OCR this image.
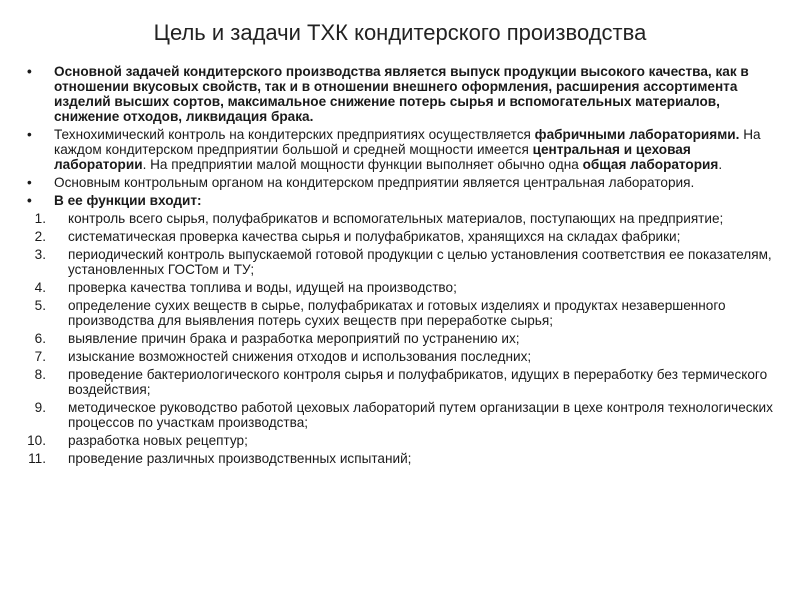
Цель и задачи ТХК кондитерского производства
• Основной задачей кондитерского производства является выпуск продукции высокого качества, как в отношении вкусовых свойств, так и в отношении внешнего оформления, расширения ассортимента изделий высших сортов, максимальное снижение потерь сырья и вспомогательных материалов, снижение отходов, ликвидация брака.
• Технохимический контроль на кондитерских предприятиях осуществляется фабричными лабораториями. На каждом кондитерском предприятии большой и средней мощности имеется центральная и цеховая лаборатории. На предприятии малой мощности функции выполняет обычно одна общая лаборатория.
• Основным контрольным органом на кондитерском предприятии является центральная лаборатория.
• В ее функции входит:
1. контроль всего сырья, полуфабрикатов и вспомогательных материалов, поступающих на предприятие;
2. систематическая проверка качества сырья и полуфабрикатов, хранящихся на складах фабрики;
3. периодический контроль выпускаемой готовой продукции с целью установления соответствия ее показателям, установленных ГОСТом и ТУ;
4. проверка качества топлива и воды, идущей на производство;
5. определение сухих веществ в сырье, полуфабрикатах и готовых изделиях и продуктах незавершенного производства для выявления потерь сухих веществ при переработке сырья;
6. выявление причин брака и разработка мероприятий по устранению их;
7. изыскание возможностей снижения отходов и использования последних;
8. проведение бактериологического контроля сырья и полуфабрикатов, идущих в переработку без термического воздействия;
9. методическое руководство работой цеховых лабораторий путем организации в цехе контроля технологических процессов по участкам производства;
10. разработка новых рецептур;
11. проведение различных производственных испытаний;
